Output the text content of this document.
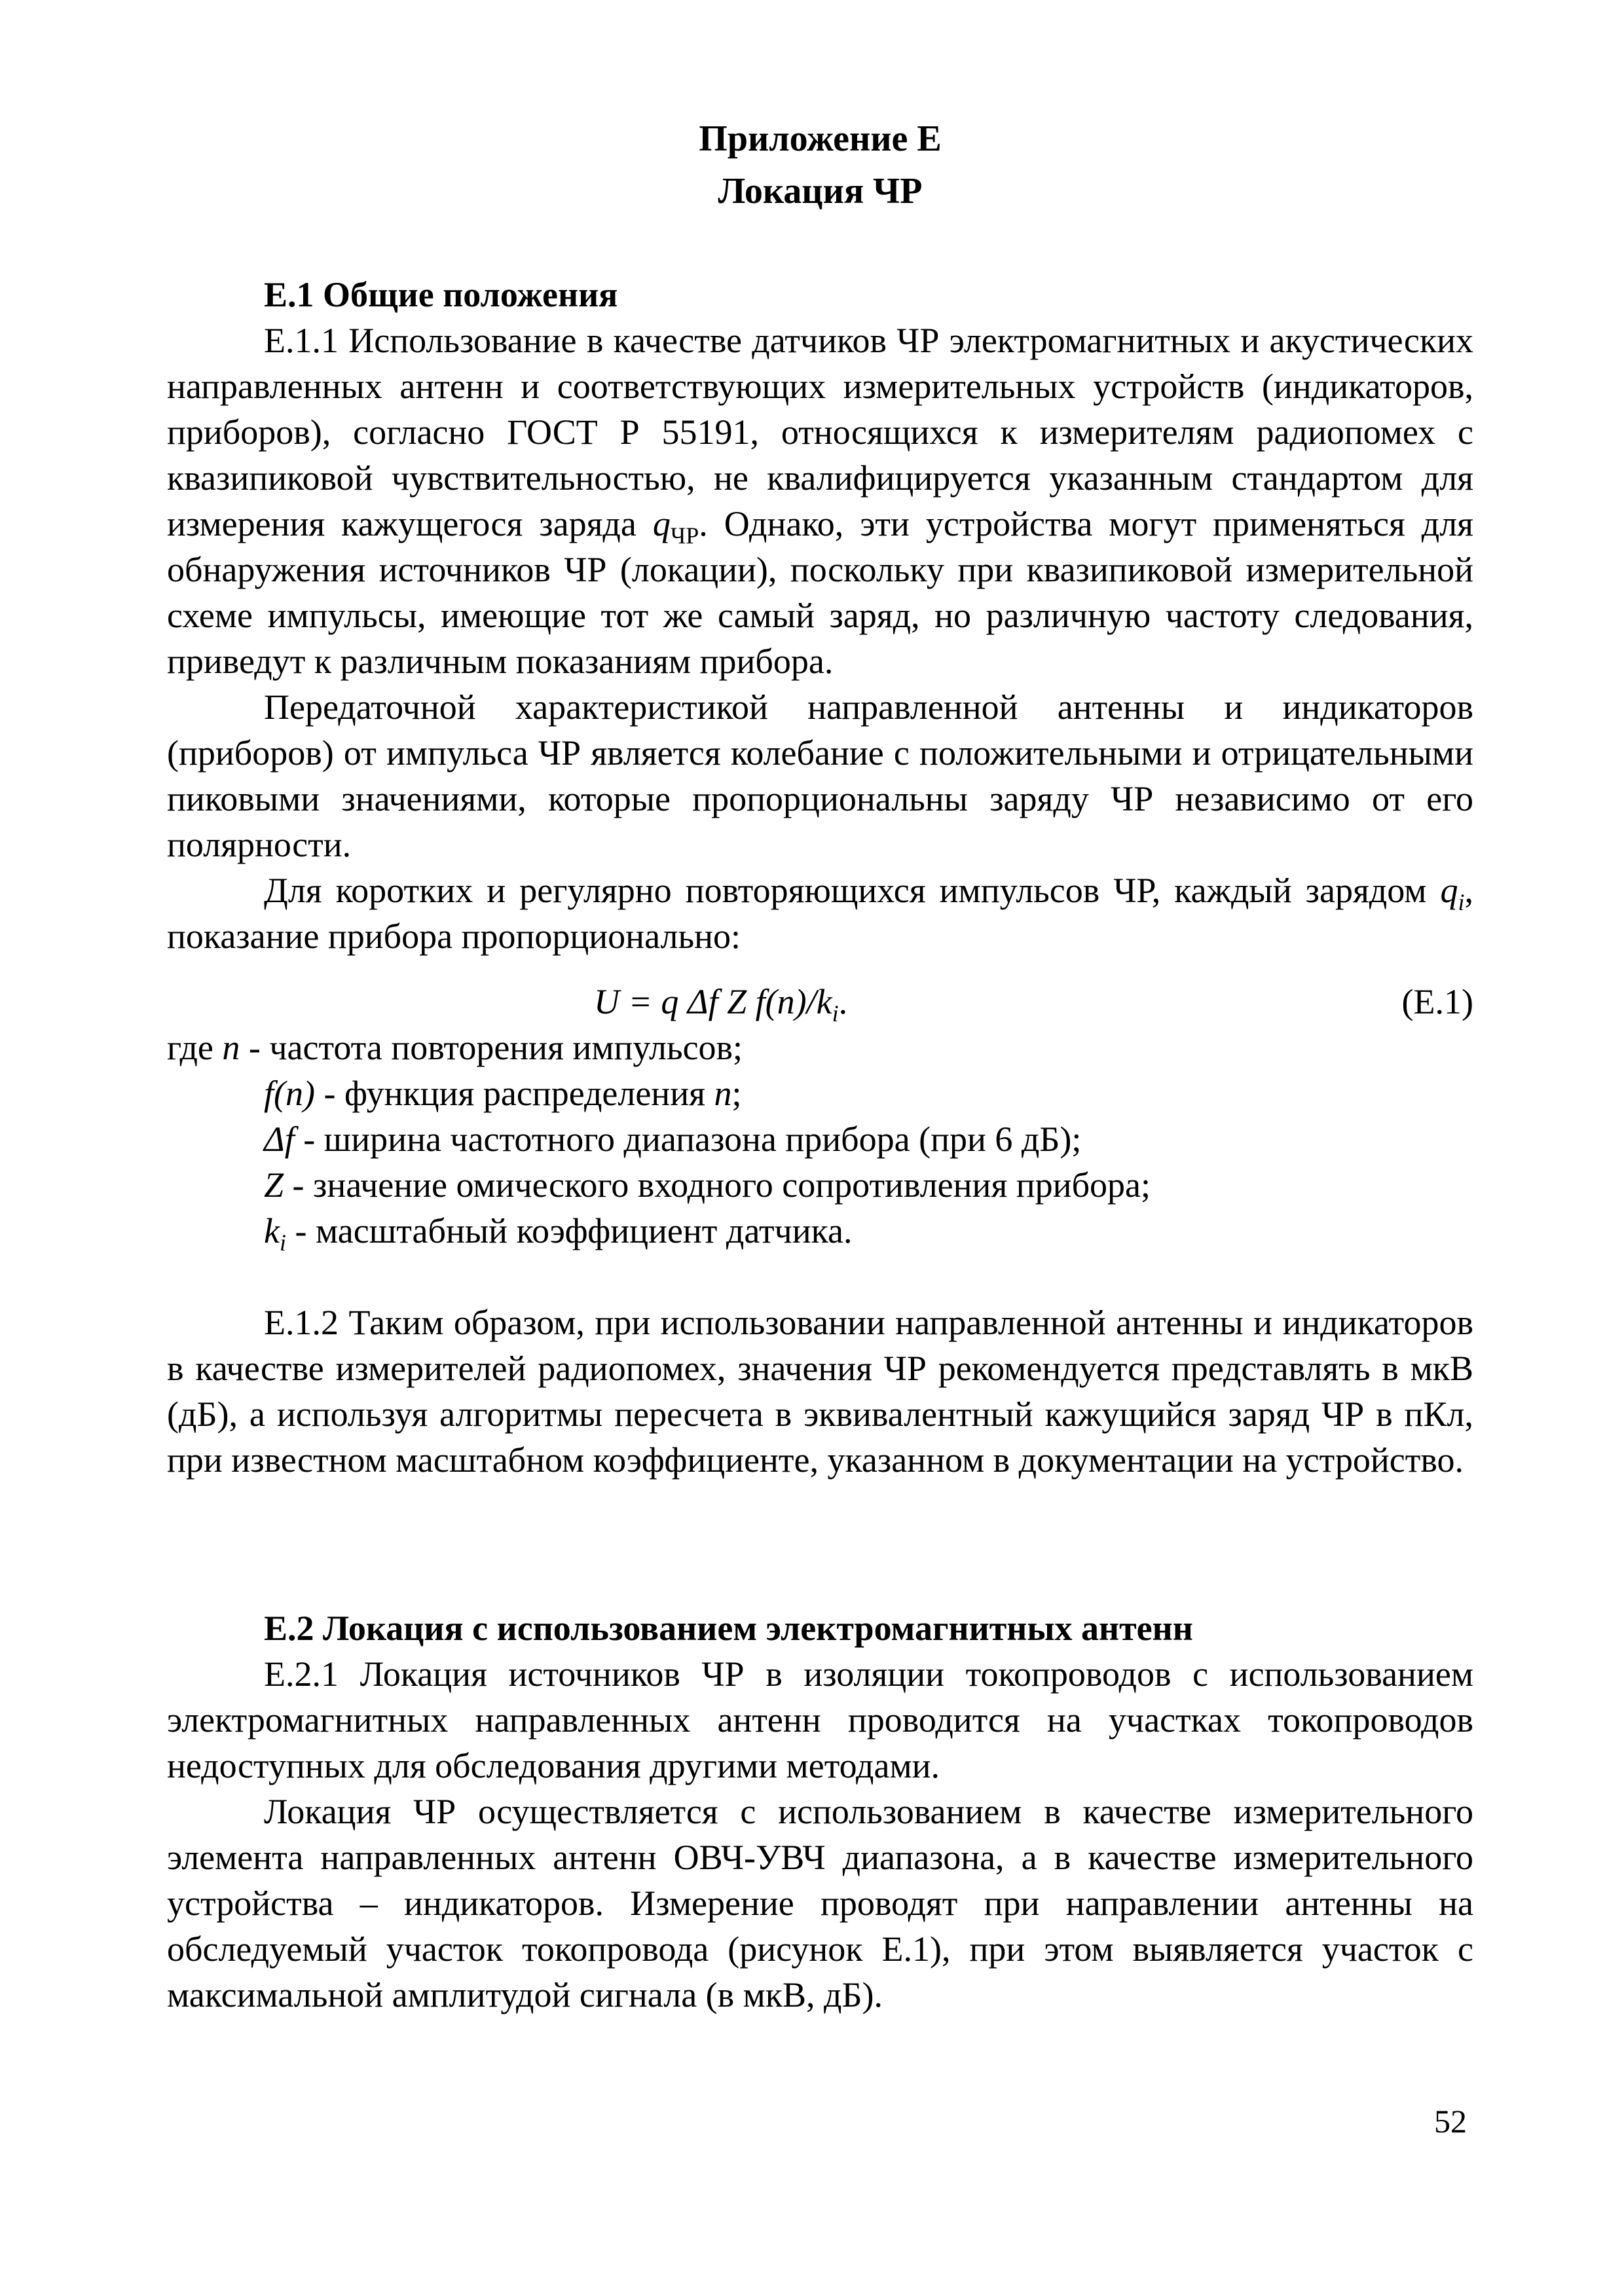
Приложение Е
Локация ЧР
Е.1 Общие положения

Е.1.1 Использование в качестве датчиков ЧР электромагнитных и акустических направленных антенн и соответствующих измерительных устройств (индикаторов, приборов), согласно ГОСТ Р 55191, относящихся к измерителям радиопомех с квазипиковой чувствительностью, не квалифицируется указанным стандартом для измерения кажущегося заряда $q_{ЧР}$. Однако, эти устройства могут применяться для обнаружения источников ЧР (локации), поскольку при квазипиковой измерительной схеме импульсы, имеющие тот же самый заряд, но различную частоту следования, приведут к различным показаниям прибора.

Передаточной характеристикой направленной антенны и индикаторов (приборов) от импульса ЧР является колебание с положительными и отрицательными пиковыми значениями, которые пропорциональны заряду ЧР независимо от его полярности.

Для коротких и регулярно повторяющихся импульсов ЧР, каждый зарядом $q_i$, показание прибора пропорционально:

U = q Δf Z $f(n)/k_i$.	(Е.1)
где n - частота повторения импульсов;
f(n) - функция распределения n;
Δf - ширина частотного диапазона прибора (при 6 дБ);
Z - значение омического входного сопротивления прибора;
$k_i$ - масштабный коэффициент датчика.

Е.1.2 Таким образом, при использовании направленной антенны и индикаторов в качестве измерителей радиопомех, значения ЧР рекомендуется представлять в мкВ (дБ), а используя алгоритмы пересчета в эквивалентный кажущийся заряд ЧР в пКл, при известном масштабном коэффициенте, указанном в документации на устройство.

Е.2 Локация с использованием электромагнитных антенн

Е.2.1 Локация источников ЧР в изоляции токопроводов с использованием электромагнитных направленных антенн проводится на участках токопроводов недоступных для обследования другими методами.

Локация ЧР осуществляется с использованием в качестве измерительного элемента направленных антенн ОВЧ-УВЧ диапазона, а в качестве измерительного устройства – индикаторов. Измерение проводят при направлении антенны на обследуемый участок токопровода (рисунок Е.1), при этом выявляется участок с максимальной амплитудой сигнала (в мкВ, дБ).

52
